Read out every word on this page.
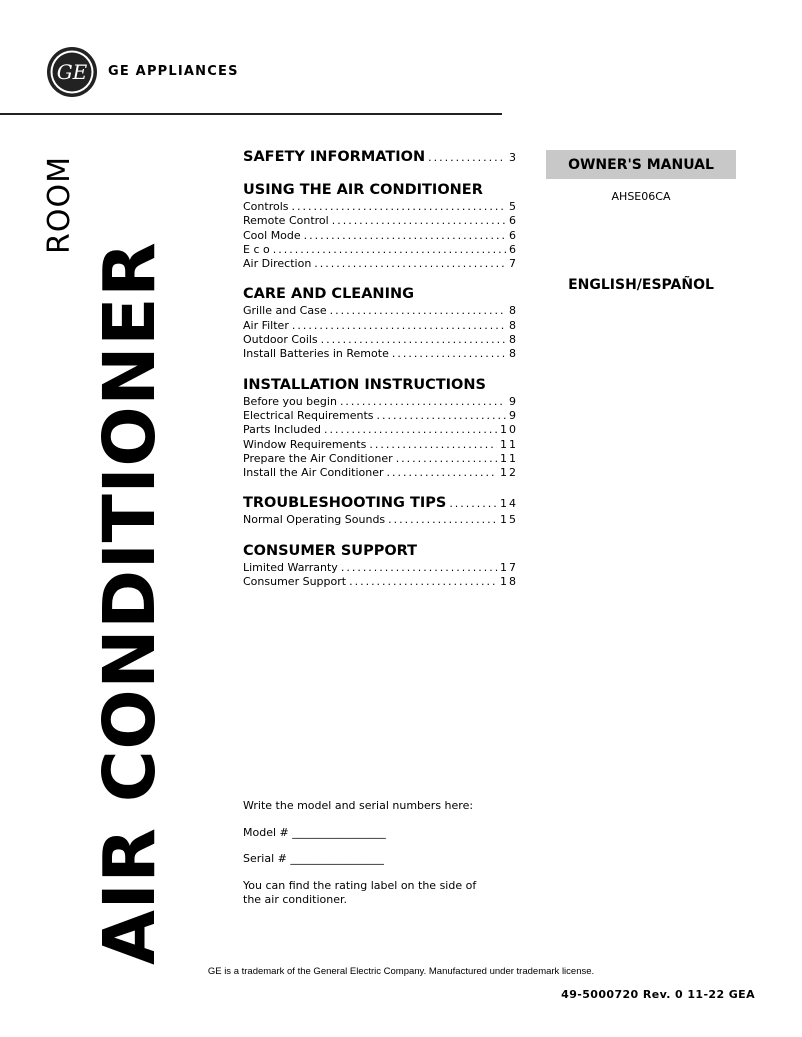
GE GE APPLIANCES
ROOM
AIR CONDITIONER
SAFETY INFORMATION .....	3
USING THE AIR CONDITIONER
Controls .....	5
Remote Control .....	6
Cool Mode .....	6
E c o .....	6
Air Direction .....	7
CARE AND CLEANING
Grille and Case .....	8
Air Filter .....	8
Outdoor Coils .....	8
Install Batteries in Remote .....	8
INSTALLATION INSTRUCTIONS
Before you begin .....	9
Electrical Requirements .....	9
Parts Included .....	10
Window Requirements .....	11
Prepare the Air Conditioner .....	11
Install the Air Conditioner .....	12
TROUBLESHOOTING TIPS .....	14
Normal Operating Sounds .....	15
CONSUMER SUPPORT
Limited Warranty .....	17
Consumer Support .....	18
OWNER'S MANUAL
AHSE06CA
ENGLISH/ESPAÑOL

Write the model and serial numbers here:

Model # _________________

Serial # _________________

You can find the rating label on the side of the air conditioner.

GE is a trademark of the General Electric Company. Manufactured under trademark license.
49-5000720 Rev. 0 11-22 GEA
